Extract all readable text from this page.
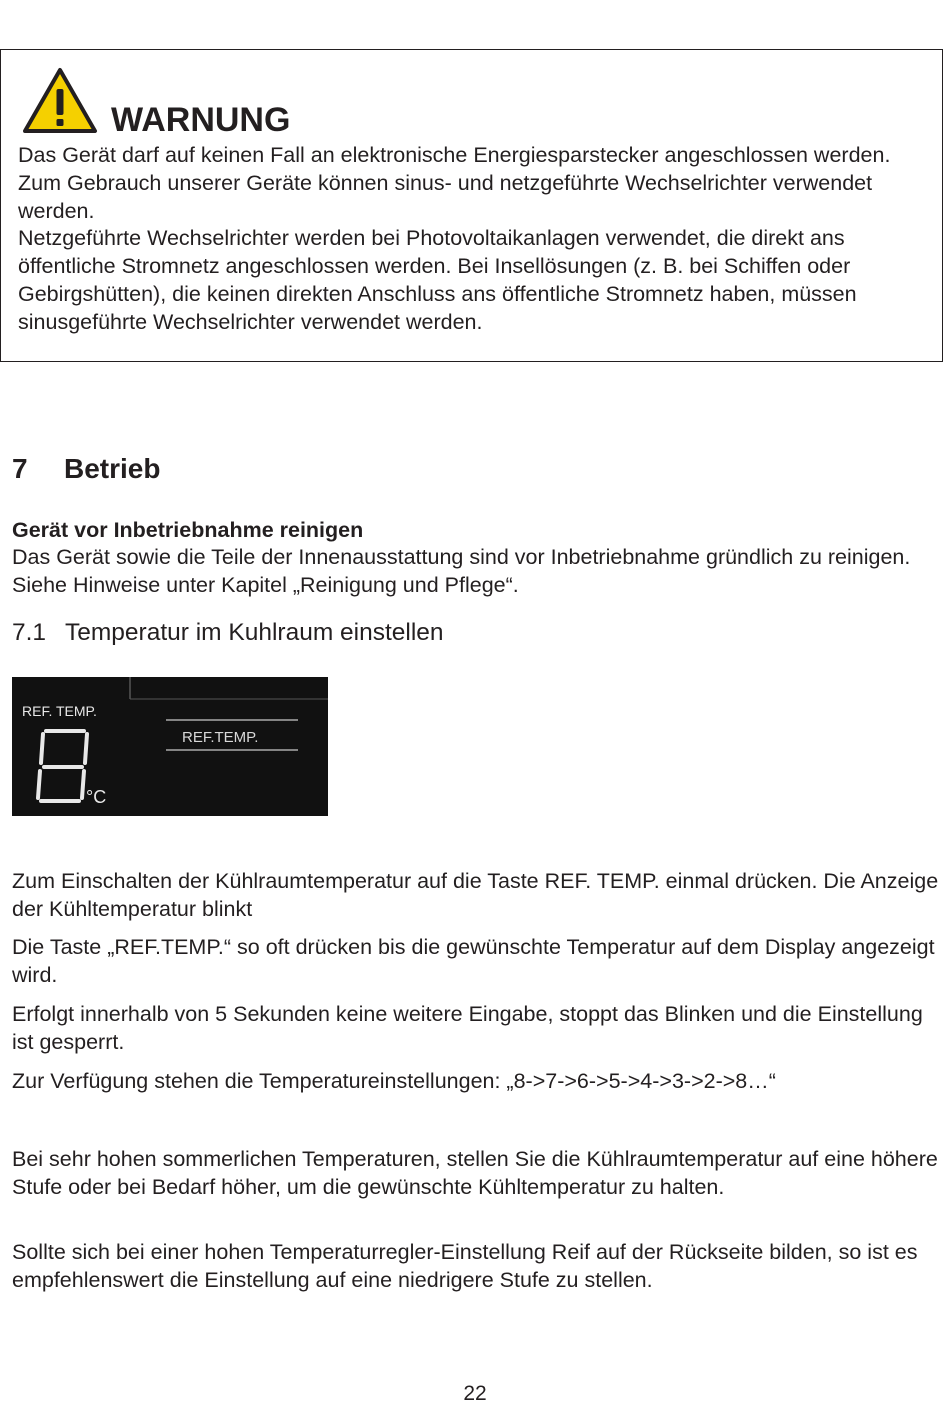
WARNUNG

Das Gerät darf auf keinen Fall an elektronische Energiesparstecker angeschlossen werden.

Zum Gebrauch unserer Geräte können sinus- und netzgeführte Wechselrichter verwendet werden.

Netzgeführte Wechselrichter werden bei Photovoltaikanlagen verwendet, die direkt ans öffentliche Stromnetz angeschlossen werden. Bei Insellösungen (z. B. bei Schiffen oder Gebirgshütten), die keinen direkten Anschluss ans öffentliche Stromnetz haben, müssen sinusgeführte Wechselrichter verwendet werden.

7 Betrieb
Gerät vor Inbetriebnahme reinigen

Das Gerät sowie die Teile der Innenausstattung sind vor Inbetriebnahme gründlich zu reinigen. Siehe Hinweise unter Kapitel „Reinigung und Pflege“.

7.1 Temperatur im Kuhlraum einstellen
REF. TEMP.
°C
REF.TEMP.

Zum Einschalten der Kühlraumtemperatur auf die Taste REF. TEMP. einmal drücken. Die Anzeige der Kühltemperatur blinkt

Die Taste „REF.TEMP.“ so oft drücken bis die gewünschte Temperatur auf dem Display angezeigt wird.

Erfolgt innerhalb von 5 Sekunden keine weitere Eingabe, stoppt das Blinken und die Einstellung ist gesperrt.

Zur Verfügung stehen die Temperatureinstellungen: „8->7->6->5->4->3->2->8…“

Bei sehr hohen sommerlichen Temperaturen, stellen Sie die Kühlraumtemperatur auf eine höhere Stufe oder bei Bedarf höher, um die gewünschte Kühltemperatur zu halten.

Sollte sich bei einer hohen Temperaturregler-Einstellung Reif auf der Rückseite bilden, so ist es empfehlenswert die Einstellung auf eine niedrigere Stufe zu stellen.

22
